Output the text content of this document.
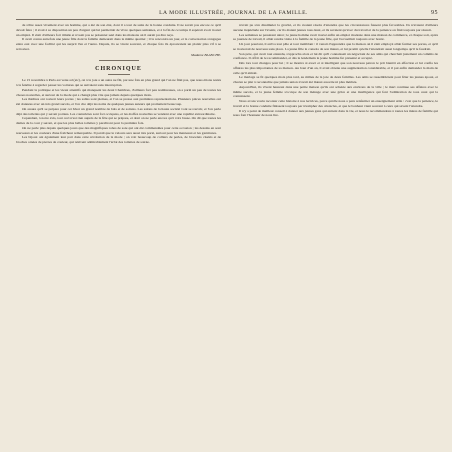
LA MODE ILLUSTRÉE, JOURNAL DE LA FAMILLE.	95

de s'être assez vivement avec un homme, qui a été de son état, dont il a tout de suite de la bonne conduite. Il ne savait pas encore ce qu'il devait faire ; il avait à sa disposition un peu d'argent qui lui permettait de vivre quelques semaines, et à la fin de ce temps il espérait avoir trouvé un emploi. Il était d'ailleurs fort timide et n'osait pas se présenter seul dans les maisons où il aurait pu être reçu.

Il avait connu autrefois une jeune fille dont la famille demeurait dans le même quartier ; il la rencontra un jour, et la conversation s'engagea entre eux avec une facilité qui les surprit l'un et l'autre. Depuis, ils se virent souvent, et chaque fois ils éprouvaient un plaisir plus vif à se retrouver.

Madame BLANCHE.

CHRONIQUE

Le 15 novembre à Paris est venu ad (sic), où à la joie a un autre ne fût, par une fois en plus grand qui l'on ne finit pas, que nous étions restés à la fenêtre à regarder passer les voitures qui se suivaient sans interruption.

Pendant la politique et les vieux attentifs qui manquent les deux Chambres, d'ailleurs fort peu nombreuses, on a parlé un peu de toutes les choses nouvelles, et surtout de la mode qui a changé plus vite que jamais depuis quelques mois.

Les théâtres ont rouvert leurs portes ; les salles sont pleines, et l'on se presse aux premières représentations. Plusieurs pièces nouvelles ont été données avec un très grand succès, et l'on cite déjà les noms de quelques jeunes auteurs qui promettent beaucoup.

On assure qu'il se prépare pour cet hiver un grand nombre de bals et de soirées. Les salons de la haute société vont se rouvrir, et l'on parle déjà des toilettes qui y seront portées. Les couturières sont fort occupées, et les étoffes nouvelles se vendent avec une rapidité extraordinaire.

Cependant, à notre avis, tout ceci n'est rien auprès de la fête qui se prépare, et dont on ne parle encore qu'à voix basse. On dit que toutes les dames de la cour y seront, et que les plus belles toilettes y paraîtront pour la première fois.

On ne parle plus depuis quelques jours que des magnifiques robes de soie qui ont été commandées pour cette occasion ; les dessins en sont nouveaux et les couleurs d'une fraîcheur remarquable. Il paraît que le velours sera aussi très porté, surtout pour les manteaux et les garnitures.

Les bijoux ont également leur part dans cette révolution de la mode ; on voit beaucoup de colliers de perles, de bracelets ciselés et de broches ornées de pierres de couleur, qui relèvent admirablement l'éclat des toilettes de soirée.

n'avait pu s'en dissimuler la gravité, et ils avaient résolu d'attendre que les circonstances fussent plus favorables. Ils n'avaient d'ailleurs aucune inquiétude sur l'avenir, car ils étaient jeunes tous deux, et ils savaient qu'avec du travail et de la patience on finit toujours par réussir.

Les semaines se passèrent ainsi ; le jeune homme avait trouvé enfin un emploi modeste dans une maison de commerce, et chaque soir, après sa journée de travail, il allait rendre visite à la famille de la jeune fille, qui l'accueillait toujours avec bonté.

Un jour pourtant, il arriva tout pâle et tout tremblant : il venait d'apprendre que la maison où il était employé allait fermer ses portes, et qu'il se trouverait de nouveau sans place. La jeune fille le consola de son mieux, et lui promit qu'elle l'attendrait aussi longtemps qu'il le faudrait.

Son père, qui avait tout entendu, s'approcha alors et lui dit qu'il connaissait un négociant de ses amis qui cherchait justement un commis de confiance. Il offrit de le recommander, et dès le lendemain le jeune homme fut présenté et accepté.

Dès lors tout changea pour lui ; il se montra si exact et si intelligent que son nouveau patron le prit bientôt en affection et lui confia les affaires les plus importantes de sa maison. Au bout d'un an, il avait obtenu une augmentation considérable, et il put enfin demander la main de celle qu'il aimait.

Le mariage se fit quelques mois plus tard, au milieu de la joie de deux familles. Les amis se rassemblèrent pour fêter les jeunes époux, et chacun se plut à reconnaître que jamais union n'avait été mieux assortie ni plus méritée.

Aujourd'hui, ils vivent heureux dans une petite maison qu'ils ont achetée aux environs de la ville ; le mari continue ses affaires avec le même succès, et la jeune femme s'occupe de son ménage avec une grâce et une intelligence qui font l'admiration de tous ceux qui la connaissent.

Nous avons voulu raconter cette histoire à nos lectrices, parce qu'elle nous a paru renfermer un enseignement utile : c'est que la patience, le travail et la bonne conduite finissent toujours par triompher des obstacles, et que le bonheur vient souvent à ceux qui savent l'attendre.

Il n'y a point de meilleur conseil à donner aux jeunes gens qui entrent dans la vie, et nous le recommandons à toutes les mères de famille qui nous font l'honneur de nous lire.
